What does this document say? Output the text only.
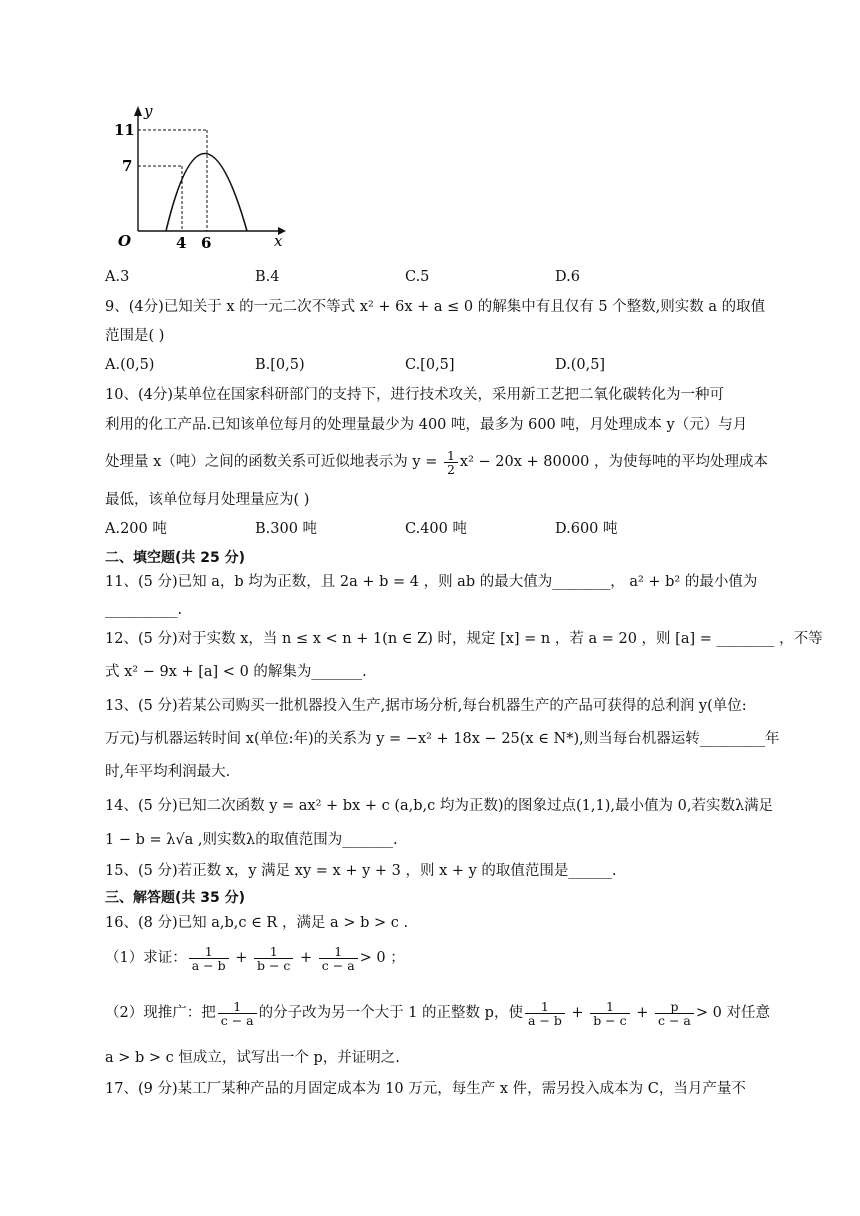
y
x
O
11
7
4 6
A.3	B.4	C.5	D.6
9、(4分)已知关于 x 的一元二次不等式 x² + 6x + a ≤ 0 的解集中有且仅有 5 个整数,则实数 a 的取值
范围是( )
A.(0,5)	B.[0,5)	C.[0,5]	D.(0,5]
10、(4分)某单位在国家科研部门的支持下，进行技术攻关，采用新工艺把二氧化碳转化为一种可
利用的化工产品.已知该单位每月的处理量最少为 400 吨，最多为 600 吨，月处理成本 y（元）与月
处理量 x（吨）之间的函数关系可近似地表示为 $y = \frac{1}{2} x^2 - 20x + 80000$ ，为使每吨的平均处理成本
最低，该单位每月处理量应为( )
A.200 吨	B.300 吨	C.400 吨	D.600 吨
二、填空题(共 25 分)
11、(5 分)已知 a，b 均为正数，且 2a + b = 4 ，则 ab 的最大值为________， a² + b² 的最小值为
__________.
12、(5 分)对于实数 x，当 n ≤ x < n + 1(n ∈ Z) 时，规定 [x] = n ，若 a = 20 ，则 [a] = ________ ，不等
式 x² − 9x + [a] < 0 的解集为_______.
13、(5 分)若某公司购买一批机器投入生产,据市场分析,每台机器生产的产品可获得的总利润 y(单位:
万元)与机器运转时间 x(单位:年)的关系为 y = −x² + 18x − 25(x ∈ N*),则当每台机器运转_________年
时,年平均利润最大.
14、(5 分)已知二次函数 y = ax² + bx + c (a,b,c 均为正数)的图象过点(1,1),最小值为 0,若实数λ满足
1 − b = λ√a ,则实数λ的取值范围为_______.
15、(5 分)若正数 x，y 满足 xy = x + y + 3 ，则 x + y 的取值范围是______.
三、解答题(共 35 分)
16、(8 分)已知 a,b,c ∈ R ，满足 a > b > c .
（1）求证： $\frac{1}{a - b} + \frac{1}{b - c} + \frac{1}{c - a} > 0$ ；
（2）现推广：把 $\frac{1}{c - a}$ 的分子改为另一个大于 1 的正整数 p，使 $\frac{1}{a - b} + \frac{1}{b - c} + \frac{p}{c - a} > 0$ 对任意
a > b > c 恒成立，试写出一个 p，并证明之.
17、(9 分)某工厂某种产品的月固定成本为 10 万元，每生产 x 件，需另投入成本为 C，当月产量不
